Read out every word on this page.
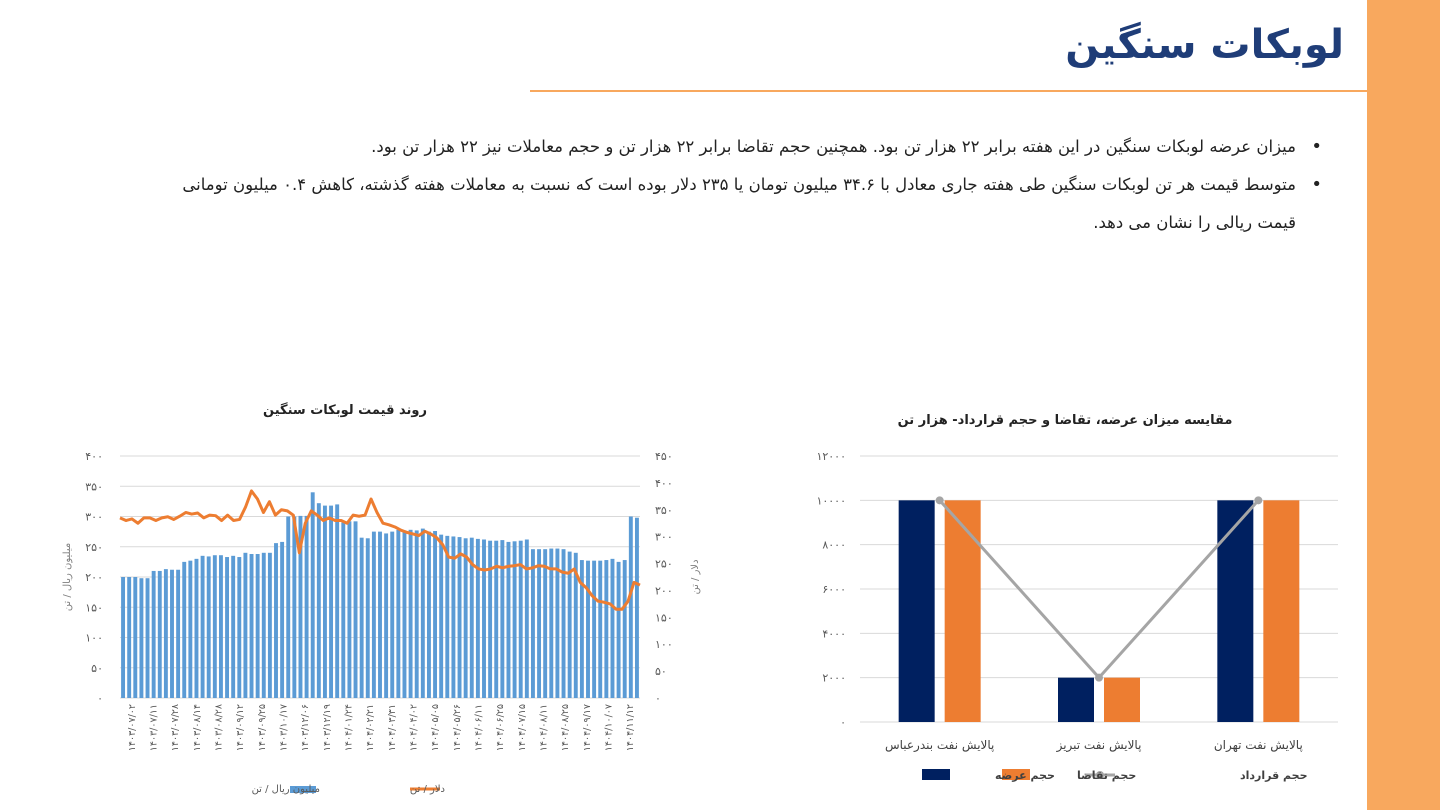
لوبکات سنگین
• میزان عرضه لوبکات سنگین در این هفته برابر ۲۲ هزار تن بود. همچنین حجم تقاضا برابر ۲۲ هزار تن و حجم معاملات نیز ۲۲ هزار تن بود.
• متوسط قیمت هر تن لوبکات سنگین طی هفته جاری معادل با ۳۴.۶ میلیون تومان یا ۲۳۵ دلار بوده است که نسبت به معاملات هفته گذشته، کاهش ۰.۴ میلیون تومانی قیمت ریالی را نشان می دهد.
روند قیمت لوبکات سنگین
۴۰۰
۳۵۰
۳۰۰
۲۵۰
۲۰۰
۱۵۰
۱۰۰
۵۰
۰
۴۵۰
۴۰۰
۳۵۰
۳۰۰
۲۵۰
۲۰۰
۱۵۰
۱۰۰
۵۰
۰
میلیون ریال / تن	دلار / تن
۱۴۰۳/۰۷/۰۲ ۱۴۰۳/۰۷/۱۱ ۱۴۰۳/۰۷/۲۸ ۱۴۰۳/۰۸/۱۴ ۱۴۰۳/۰۸/۲۸ ۱۴۰۳/۰۹/۱۲ ۱۴۰۳/۰۹/۲۵ ۱۴۰۳/۱۰/۱۷ ۱۴۰۳/۱۲/۰۶ ۱۴۰۳/۱۲/۱۹ ۱۴۰۴/۰۱/۲۴ ۱۴۰۴/۰۲/۲۱ ۱۴۰۴/۰۳/۳۱ ۱۴۰۴/۰۴/۰۲ ۱۴۰۴/۰۵/۰۵ ۱۴۰۴/۰۵/۲۶ ۱۴۰۴/۰۶/۱۱ ۱۴۰۴/۰۶/۲۵ ۱۴۰۴/۰۷/۱۵ ۱۴۰۴/۰۸/۱۱ ۱۴۰۴/۰۸/۲۵ ۱۴۰۴/۰۹/۱۷ ۱۴۰۴/۱۰/۰۷ ۱۴۰۴/۱۱/۱۲
میلیون ریال / تن	دلار / تن
مقایسه میزان عرضه، تقاضا و حجم قرارداد- هزار تن
۱۲۰۰۰
۱۰۰۰۰
۸۰۰۰
۶۰۰۰
۴۰۰۰
۲۰۰۰
۰
پالایش نفت بندرعباس	پالایش نفت تبریز	پالایش نفت تهران
حجم قرارداد
حجم تقاضا
حجم عرضه
